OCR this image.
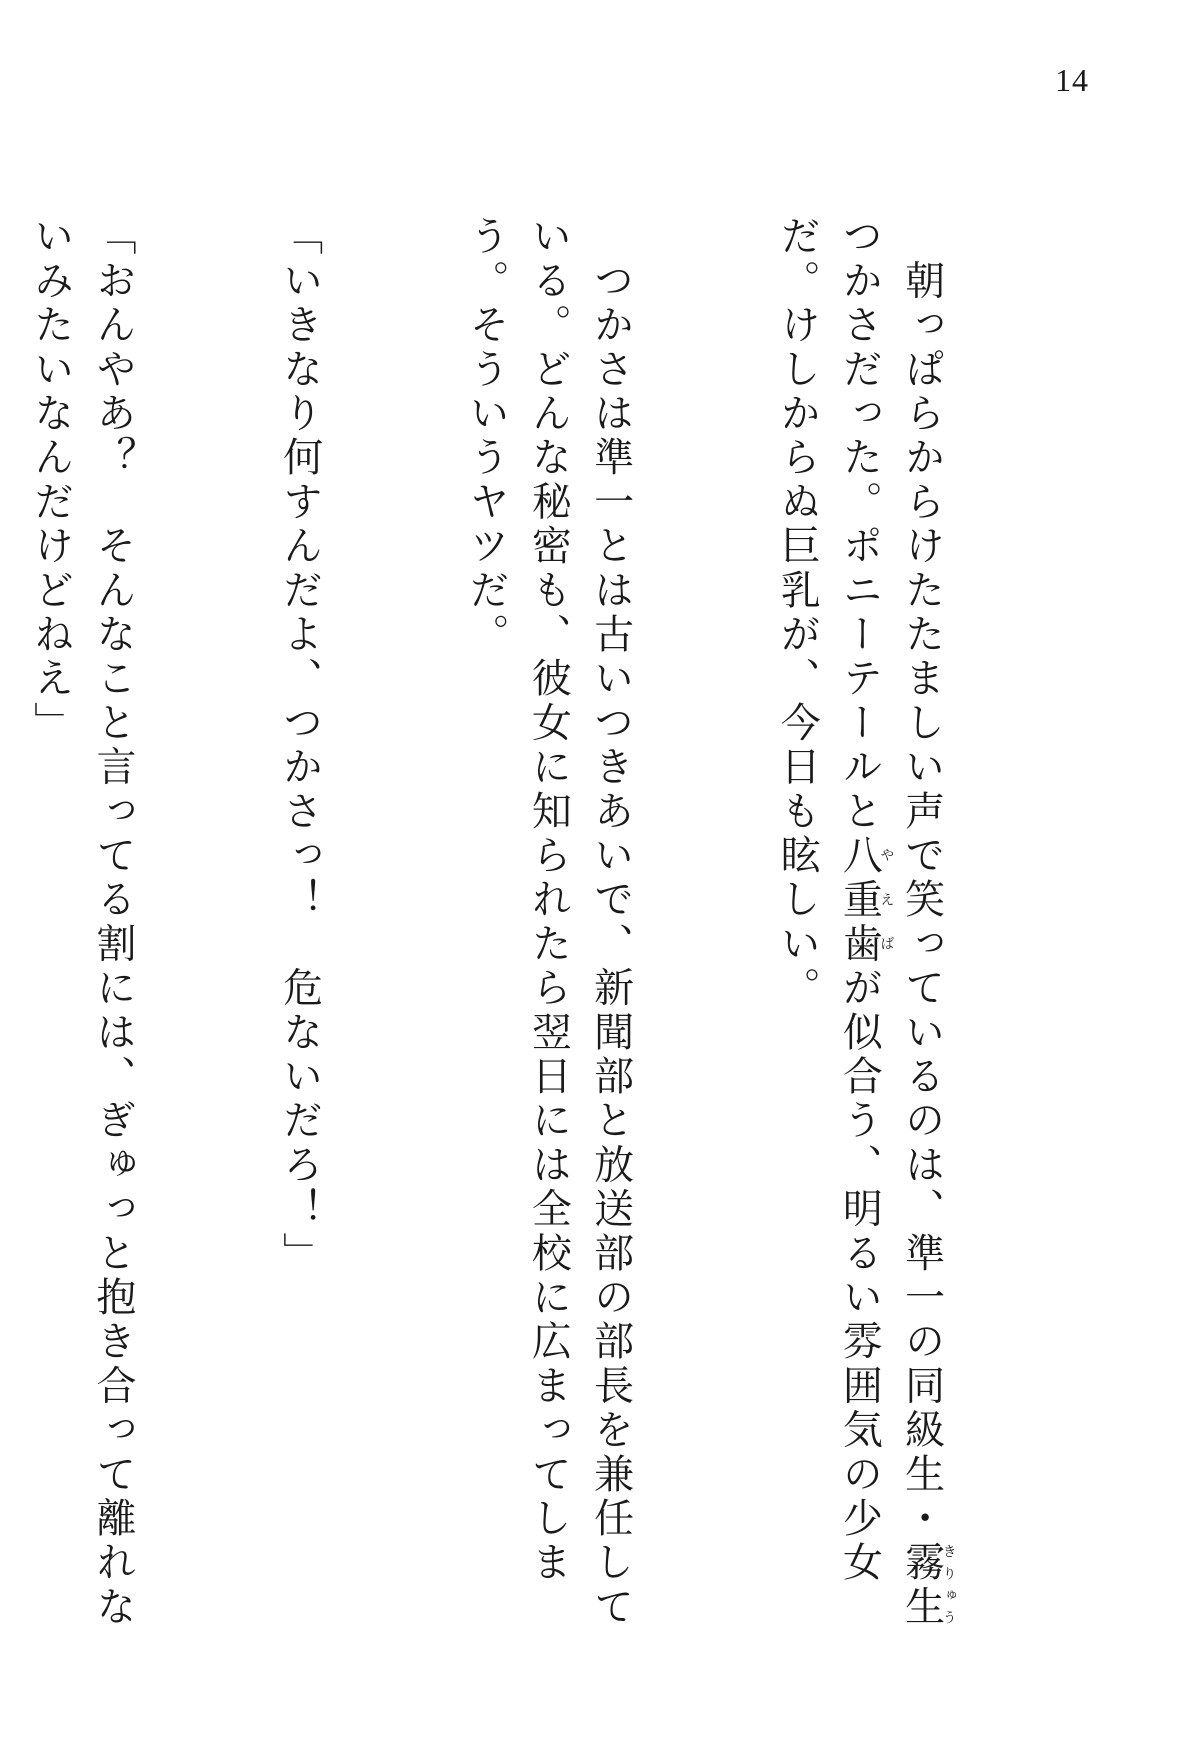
14

　朝っぱらからけたたましい声で笑っているのは、準一の同級生・霧生きりゅうつかさだった。ポニーテールと八重歯やえばが似合う、明るい雰囲気の少女だ。けしからぬ巨乳が、今日も眩しい。

　つかさは準一とは古いつきあいで、新聞部と放送部の部長を兼任している。どんな秘密も、彼女に知られたら翌日には全校に広まってしまう。そういうヤツだ。

「いきなり何すんだよ、つかさっ！　危ないだろ！」

「おんやあ？　そんなこと言ってる割には、ぎゅっと抱き合って離れないみたいなんだけどねえ」
